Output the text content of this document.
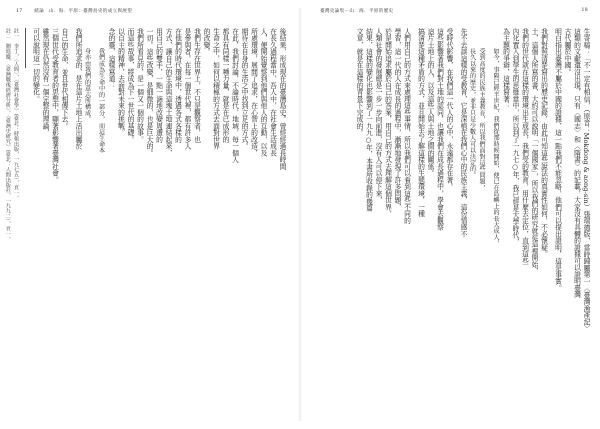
17	緒論　山．海．平原：臺灣島史的成立與展望
後結果，形成現在的臺灣島史。曾經經過長時間
在長久過程當中，吾人中，在社會生活成長
人，便開始覺察到他們與他人的互動，以及
所處環境，展開了追求，在心智上的改造，
期待在自身的生活之中找到立足的方式。
在此，我們討論，不論時代、地域，每一個人
都具有同樣一種力量，就是在已成形的
生命之中，如何以積極的方式去面對世界
的改變。
我們生存在世界上，不只是觀察者，也
是參與者。在每一個世代裡，都有許多人
在他們的時代環境中，透過各式各樣的
方式，讓自己的生命與這塊土地連結起來，
用自己的雙手，一點一滴地改變周遭的
一切。這些改變，是細微的，也是巨大的。
我們所看見的，是一個又一個的故事。
而這些故事，將成為下一世代的基礎。
以自主的精神，去面對未來的挑戰。
念的靈，這樣寫道：
我們成為生命中的一部分，而這生命本
身亦由我們的意志所構成。
我們所追求的，是在這片土地上活出屬於
自己的生命，並且世代相傳下去。
三個世代受教育者的思想中，顯著影響著臺灣社會。
雖然現在仍然沒有一個完整的理論，
可以說明這一切的變化。
註一　李丁，〈人間〉，《臺灣社會學》（臺北：時報出版，一九七五），頁一。
註二　劉進慶，〈臺灣戰後經濟分析〉，《臺灣史研究》（臺北：人間出版社，一九九二），頁一。
臺灣史論集－山．海．平原的歷史	18
生寄稿：「不一定有相信，（原音：Mokdong & aong-sin）張瑞德版，當時歸屬第一〈臺灣漁產記〉
這類的文獻還沒出現，只有〈國志〉和〈隋書〉的記載，大家沒有具體的證據可以證明臺灣
古代屬於中國。
明白指出臺灣不屬於中國的證據，這一點我們不能忽略，他們可以提出證明，這是事實。
我們對照清楚寫出的歷史記錄，由此可知這些說法的真實性如何，不必懷疑。
土，這個人所寫的書，大約可以說明「一個國家」，所以我們的研究就從這裡開始，
我們的世代就在這樣的環境出生成長，我們受的教育，用什麼去定位，直到這些
內化置入到學生的思維當中，所以到了一九七○年，我已經是大學時代，
為主題的爭辯，這樣寫著：
如今，事隔已經半世紀，我們從那時候開始，便已在島嶼上的長大成人，
受到高度的民族主義教育，所以我們面對這些問題，
長久以來的歷史，並非只是少數人可以決定的。
先不去談這樣的受教育，它是深植在我們心中的民族主義，這份情感不
受時代影響，在我們這一代人的心中，永遠都存在著。
這些影響著我們對土地的認同，也讓我們在成長過程中，學會去觀察
這片土地上的人，以及這些人與土地之間的關係。
搞清楚這種矛盾的方式，並且開始去了解這樣的生態環境，一種
人們用自己的方式來處理這些事情，所以我們可以看到這些不同的
學習，這一代的人在成長的過程中，漸漸地發現了許多問題，
於是開始追求屬於自己的答案，用自己的方式去理解這個世界，
人類社會的發展總是一步一步向前進，沒有人可以停下來，
結果，這樣的變化也影響到了一九九○年，本書所收錄的幾篇
文章，就是在這樣的背景下完成的。
